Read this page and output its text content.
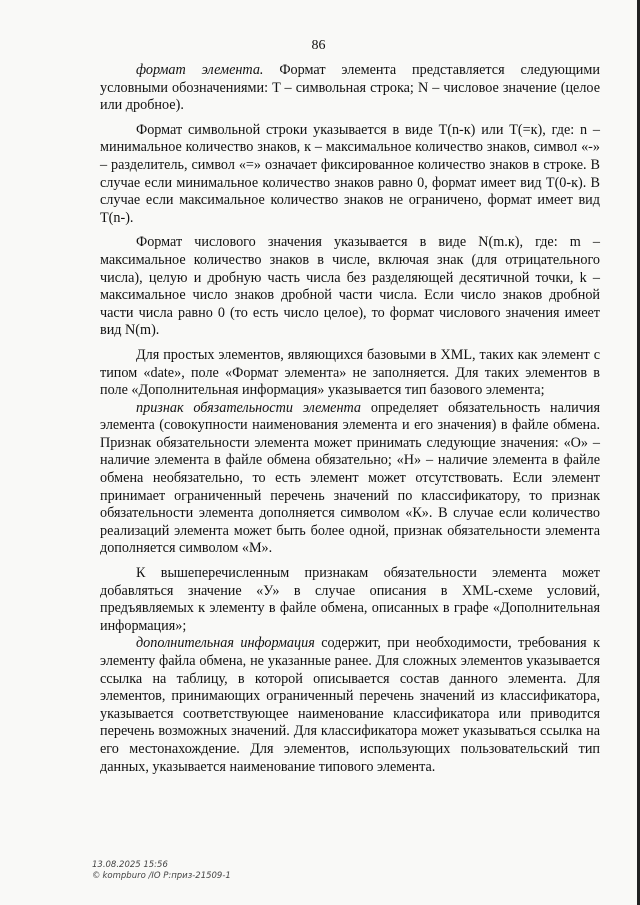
86

формат элемента. Формат элемента представляется следующими условными обозначениями: T – символьная строка; N – числовое значение (целое или дробное).

Формат символьной строки указывается в виде T(n-к) или T(=к), где: n – минимальное количество знаков, к – максимальное количество знаков, символ «-» – разделитель, символ «=» означает фиксированное количество знаков в строке. В случае если минимальное количество знаков равно 0, формат имеет вид T(0-к). В случае если максимальное количество знаков не ограничено, формат имеет вид T(n-).

Формат числового значения указывается в виде N(m.к), где: m – максимальное количество знаков в числе, включая знак (для отрицательного числа), целую и дробную часть числа без разделяющей десятичной точки, k – максимальное число знаков дробной части числа. Если число знаков дробной части числа равно 0 (то есть число целое), то формат числового значения имеет вид N(m).

Для простых элементов, являющихся базовыми в XML, таких как элемент с типом «date», поле «Формат элемента» не заполняется. Для таких элементов в поле «Дополнительная информация» указывается тип базового элемента;

признак обязательности элемента определяет обязательность наличия элемента (совокупности наименования элемента и его значения) в файле обмена. Признак обязательности элемента может принимать следующие значения: «О» – наличие элемента в файле обмена обязательно; «Н» – наличие элемента в файле обмена необязательно, то есть элемент может отсутствовать. Если элемент принимает ограниченный перечень значений по классификатору, то признак обязательности элемента дополняется символом «К». В случае если количество реализаций элемента может быть более одной, признак обязательности элемента дополняется символом «М».

К вышеперечисленным признакам обязательности элемента может добавляться значение «У» в случае описания в XML-схеме условий, предъявляемых к элементу в файле обмена, описанных в графе «Дополнительная информация»;

дополнительная информация содержит, при необходимости, требования к элементу файла обмена, не указанные ранее. Для сложных элементов указывается ссылка на таблицу, в которой описывается состав данного элемента. Для элементов, принимающих ограниченный перечень значений из классификатора, указывается соответствующее наименование классификатора или приводится перечень возможных значений. Для классификатора может указываться ссылка на его местонахождение. Для элементов, использующих пользовательский тип данных, указывается наименование типового элемента.

13.08.2025 15:56
© kompburo /IO Р:приз-21509-1
